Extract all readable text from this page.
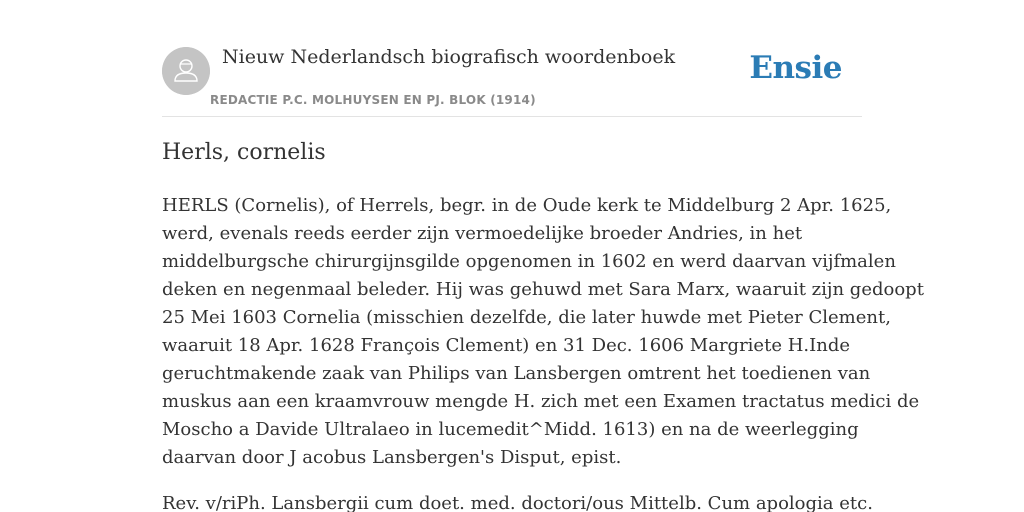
Nieuw Nederlandsch biografisch woordenboek
REDACTIE P.C. MOLHUYSEN EN PJ. BLOK (1914)
Ensie
Herls, cornelis

HERLS (Cornelis), of Herrels, begr. in de Oude kerk te Middelburg 2 Apr. 1625,
werd, evenals reeds eerder zijn vermoedelijke broeder Andries, in het
middelburgsche chirurgijnsgilde opgenomen in 1602 en werd daarvan vijfmalen
deken en negenmaal beleder. Hij was gehuwd met Sara Marx, waaruit zijn gedoopt
25 Mei 1603 Cornelia (misschien dezelfde, die later huwde met Pieter Clement,
waaruit 18 Apr. 1628 François Clement) en 31 Dec. 1606 Margriete H.Inde
geruchtmakende zaak van Philips van Lansbergen omtrent het toedienen van
muskus aan een kraamvrouw mengde H. zich met een Examen tractatus medici de
Moscho a Davide Ultralaeo in lucemedit^Midd. 1613) en na de weerlegging
daarvan door J acobus Lansbergen's Disput, epist.

Rev. v/riPh. Lansbergii cum doet. med. doctori/ous Mittelb. Cum apologia etc.
